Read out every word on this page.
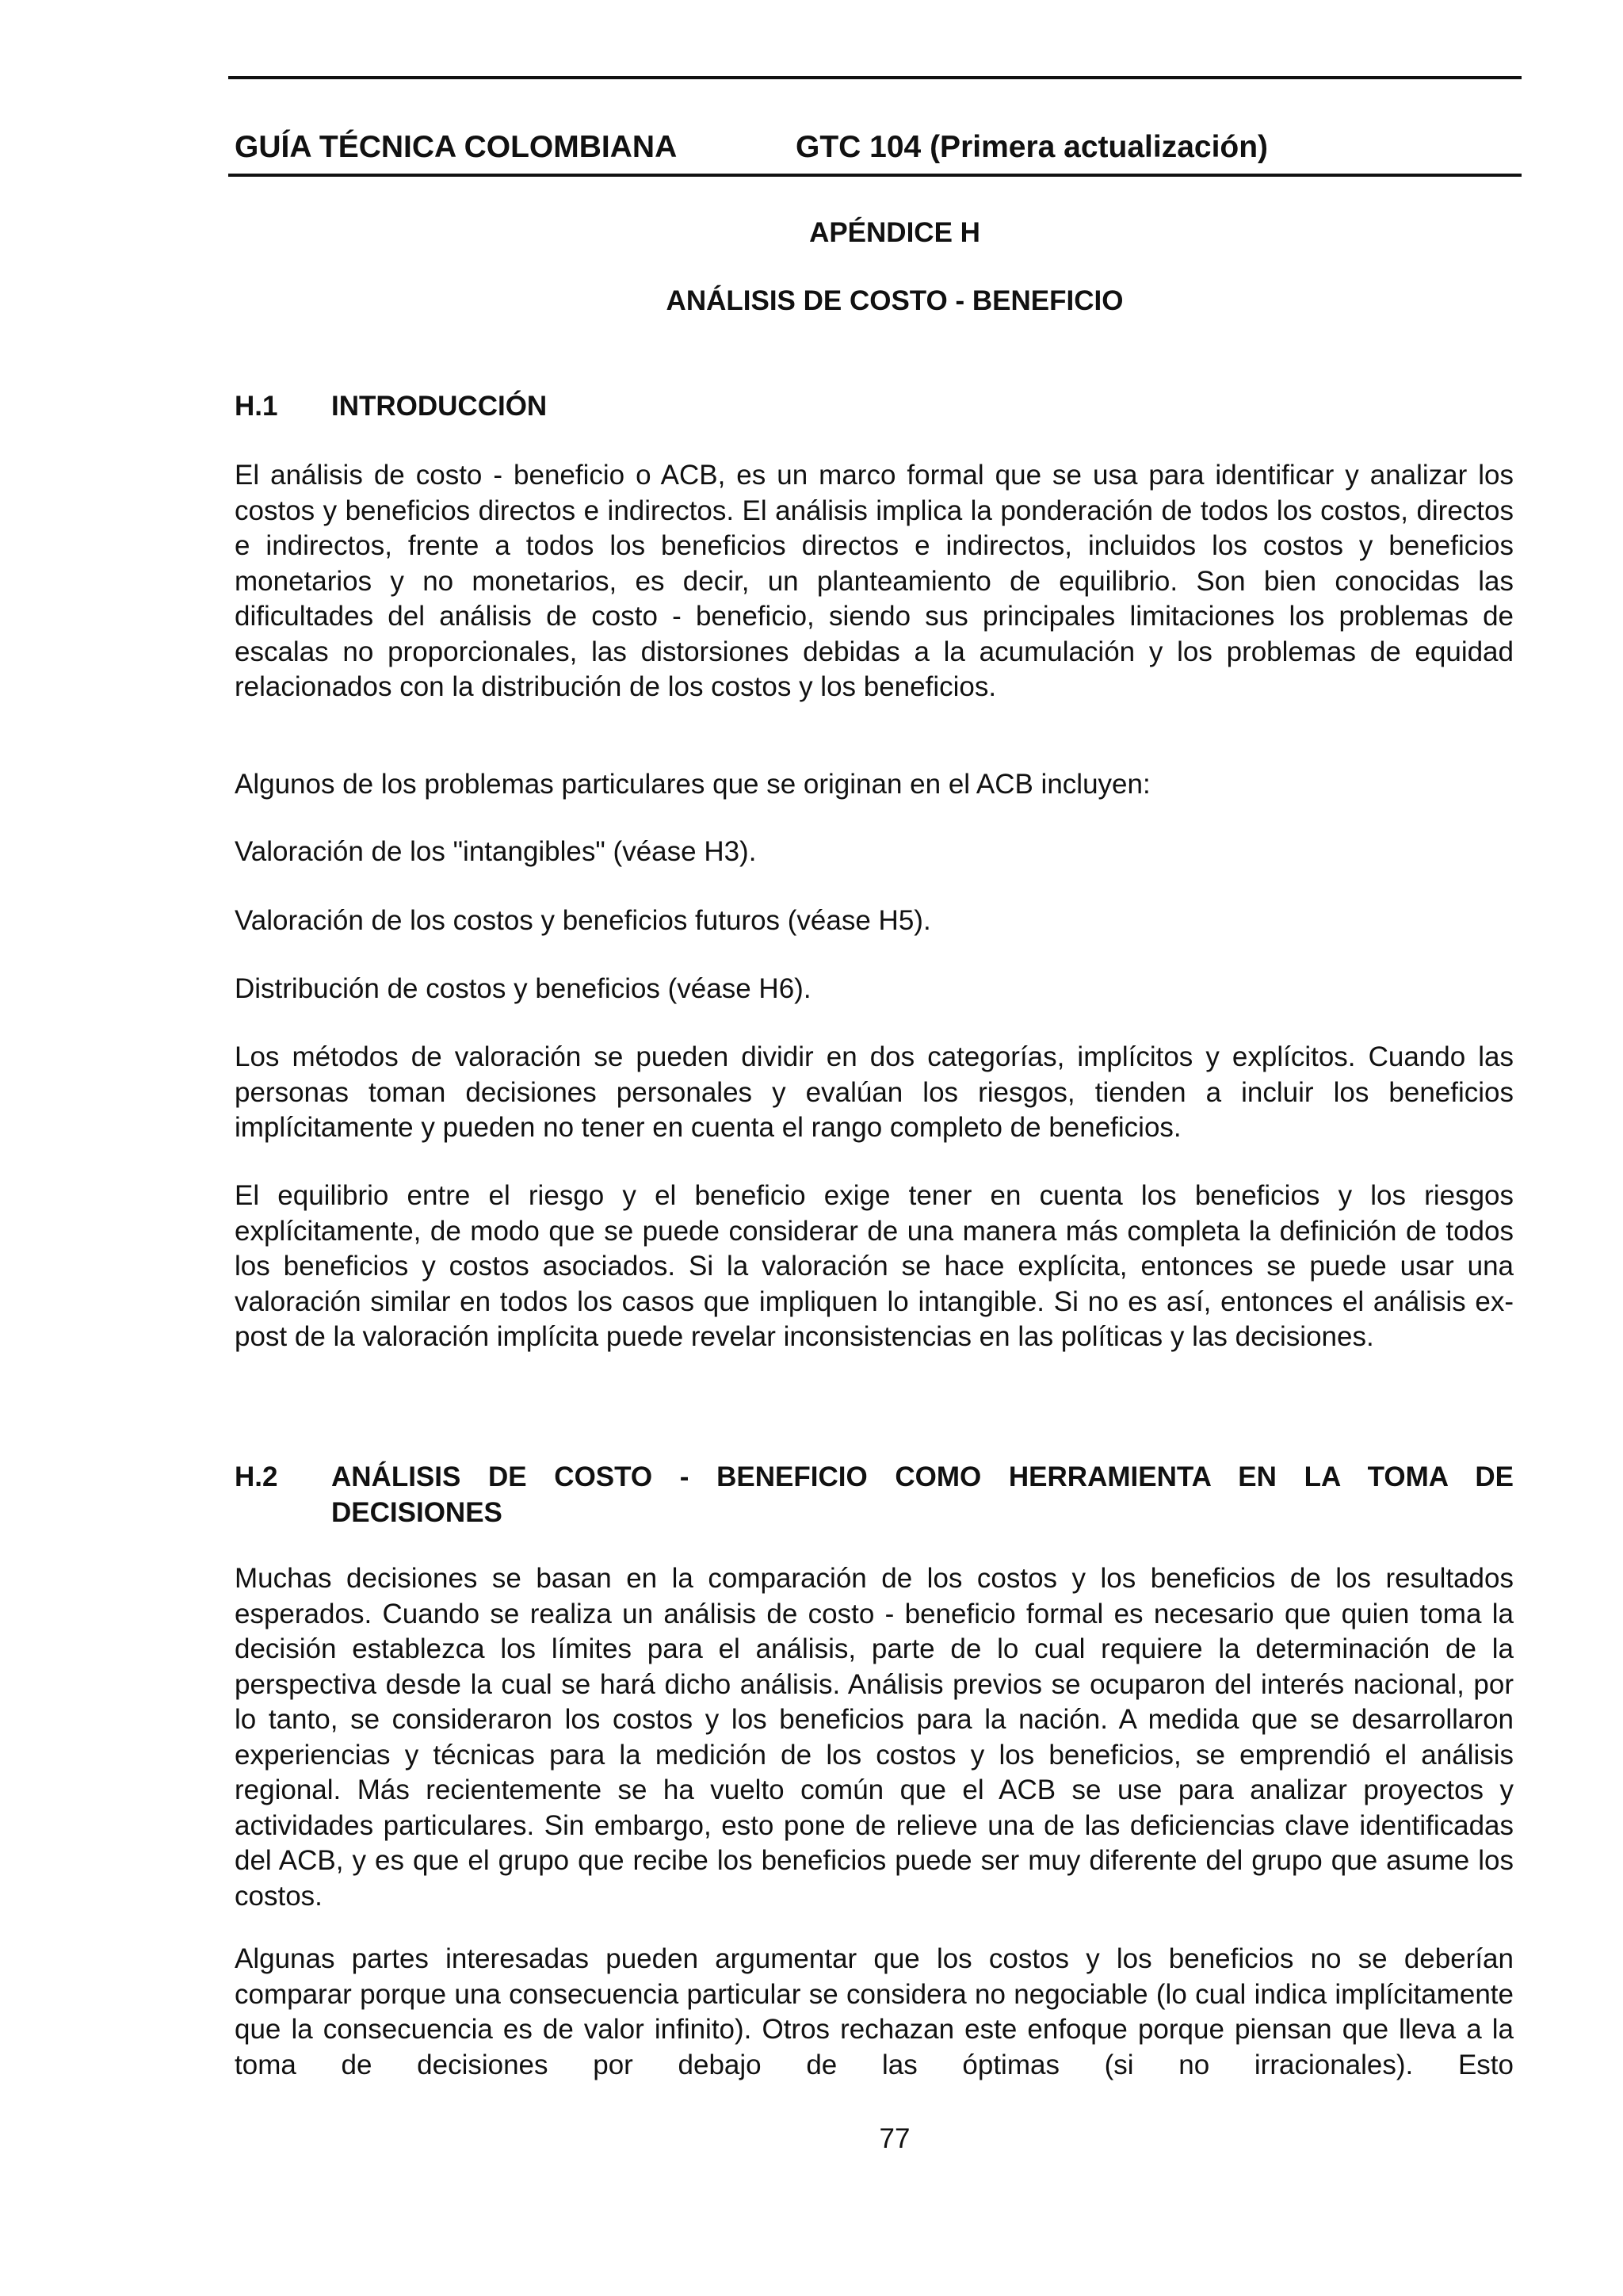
GUÍA TÉCNICA COLOMBIANA	GTC 104 (Primera actualización)
APÉNDICE H
ANÁLISIS DE COSTO - BENEFICIO
H.1 INTRODUCCIÓN

El análisis de costo - beneficio o ACB, es un marco formal que se usa para identificar y analizar los costos y beneficios directos e indirectos. El análisis implica la ponderación de todos los costos, directos e indirectos, frente a todos los beneficios directos e indirectos, incluidos los costos y beneficios monetarios y no monetarios, es decir, un planteamiento de equilibrio. Son bien conocidas las dificultades del análisis de costo - beneficio, siendo sus principales limitaciones los problemas de escalas no proporcionales, las distorsiones debidas a la acumulación y los problemas de equidad relacionados con la distribución de los costos y los beneficios.

Algunos de los problemas particulares que se originan en el ACB incluyen:

Valoración de los "intangibles" (véase H3).

Valoración de los costos y beneficios futuros (véase H5).

Distribución de costos y beneficios (véase H6).

Los métodos de valoración se pueden dividir en dos categorías, implícitos y explícitos. Cuando las personas toman decisiones personales y evalúan los riesgos, tienden a incluir los beneficios implícitamente y pueden no tener en cuenta el rango completo de beneficios.

El equilibrio entre el riesgo y el beneficio exige tener en cuenta los beneficios y los riesgos explícitamente, de modo que se puede considerar de una manera más completa la definición de todos los beneficios y costos asociados. Si la valoración se hace explícita, entonces se puede usar una valoración similar en todos los casos que impliquen lo intangible. Si no es así, entonces el análisis ex-post de la valoración implícita puede revelar inconsistencias en las políticas y las decisiones.

H.2 ANÁLISIS DE COSTO - BENEFICIO COMO HERRAMIENTA EN LA TOMA DE
DECISIONES

Muchas decisiones se basan en la comparación de los costos y los beneficios de los resultados esperados. Cuando se realiza un análisis de costo - beneficio formal es necesario que quien toma la decisión establezca los límites para el análisis, parte de lo cual requiere la determinación de la perspectiva desde la cual se hará dicho análisis. Análisis previos se ocuparon del interés nacional, por lo tanto, se consideraron los costos y los beneficios para la nación. A medida que se desarrollaron experiencias y técnicas para la medición de los costos y los beneficios, se emprendió el análisis regional. Más recientemente se ha vuelto común que el ACB se use para analizar proyectos y actividades particulares. Sin embargo, esto pone de relieve una de las deficiencias clave identificadas del ACB, y es que el grupo que recibe los beneficios puede ser muy diferente del grupo que asume los costos.

Algunas partes interesadas pueden argumentar que los costos y los beneficios no se deberían comparar porque una consecuencia particular se considera no negociable (lo cual indica implícitamente que la consecuencia es de valor infinito). Otros rechazan este enfoque porque piensan que lleva a la toma de decisiones por debajo de las óptimas (si no irracionales). Esto

77
